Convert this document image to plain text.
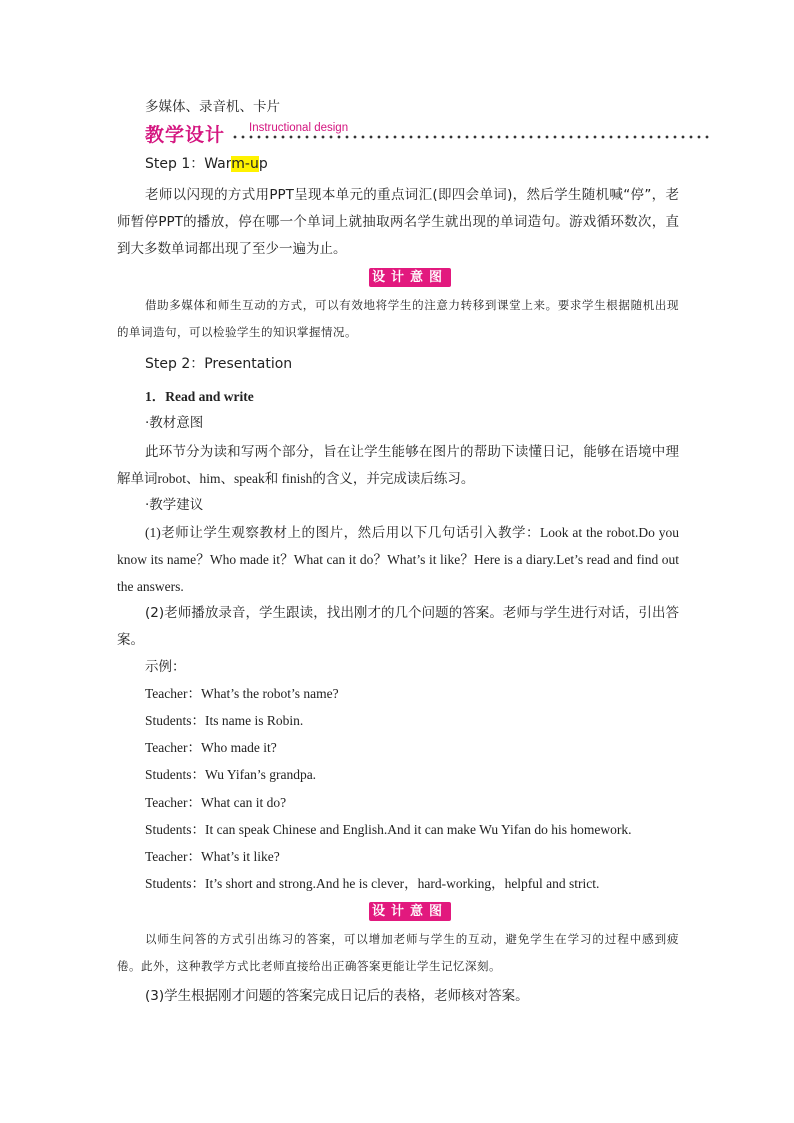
多媒体、录音机、卡片
教学设计 Instructional design
Step 1：Warm-up
老师以闪现的方式用PPT呈现本单元的重点词汇(即四会单词)，然后学生随机喊“停”，老师暂停PPT的播放，停在哪一个单词上就抽取两名学生就出现的单词造句。游戏循环数次，直到大多数单词都出现了至少一遍为止。
设计意图
借助多媒体和师生互动的方式，可以有效地将学生的注意力转移到课堂上来。要求学生根据随机出现的单词造句，可以检验学生的知识掌握情况。
Step 2：Presentation
1．Read and write
·教材意图
此环节分为读和写两个部分，旨在让学生能够在图片的帮助下读懂日记，能够在语境中理解单词robot、him、speak和 finish的含义，并完成读后练习。
·教学建议
(1)老师让学生观察教材上的图片，然后用以下几句话引入教学：Look at the robot.Do you know its name？Who made it？What can it do？What’s it like？Here is a diary.Let’s read and find out the answers.
(2)老师播放录音，学生跟读，找出刚才的几个问题的答案。老师与学生进行对话，引出答案。
示例：
Teacher：What’s the robot’s name?
Students：Its name is Robin.
Teacher：Who made it?
Students：Wu Yifan’s grandpa.
Teacher：What can it do?
Students：It can speak Chinese and English.And it can make Wu Yifan do his homework.
Teacher：What’s it like?
Students：It’s short and strong.And he is clever，hard-working，helpful and strict.
设计意图
以师生问答的方式引出练习的答案，可以增加老师与学生的互动，避免学生在学习的过程中感到疲倦。此外，这种教学方式比老师直接给出正确答案更能让学生记忆深刻。
(3)学生根据刚才问题的答案完成日记后的表格，老师核对答案。
